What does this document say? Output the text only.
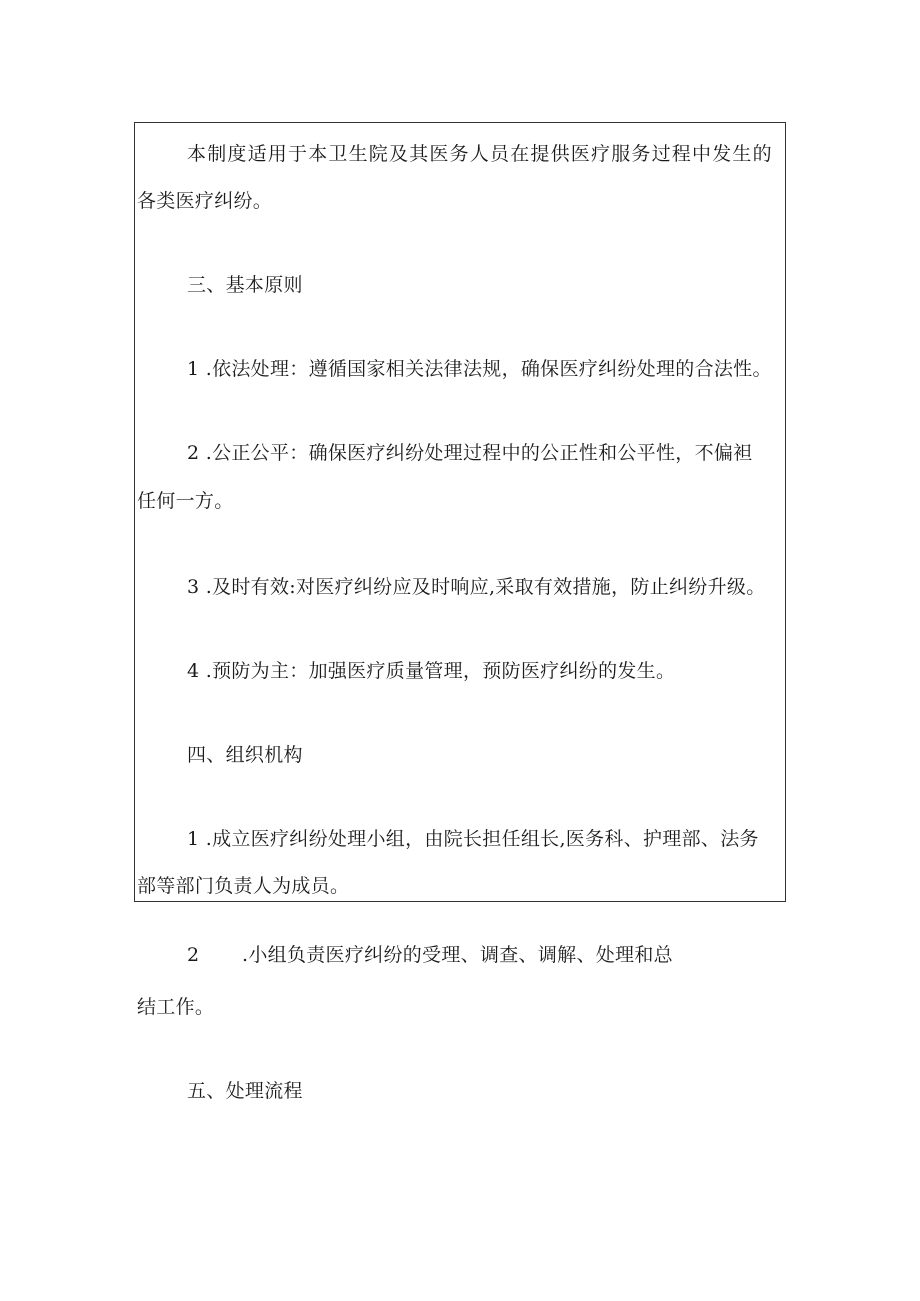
本制度适用于本卫生院及其医务人员在提供医疗服务过程中发生的
各类医疗纠纷。
三、基本原则
1 .依法处理：遵循国家相关法律法规，确保医疗纠纷处理的合法性。
2 .公正公平：确保医疗纠纷处理过程中的公正性和公平性，不偏袒
任何一方。
3 .及时有效:对医疗纠纷应及时响应,采取有效措施，防止纠纷升级。
4 .预防为主：加强医疗质量管理，预防医疗纠纷的发生。
四、组织机构
1 .成立医疗纠纷处理小组，由院长担任组长,医务科、护理部、法务
部等部门负责人为成员。
2 .小组负责医疗纠纷的受理、调查、调解、处理和总
结工作。
五、处理流程
